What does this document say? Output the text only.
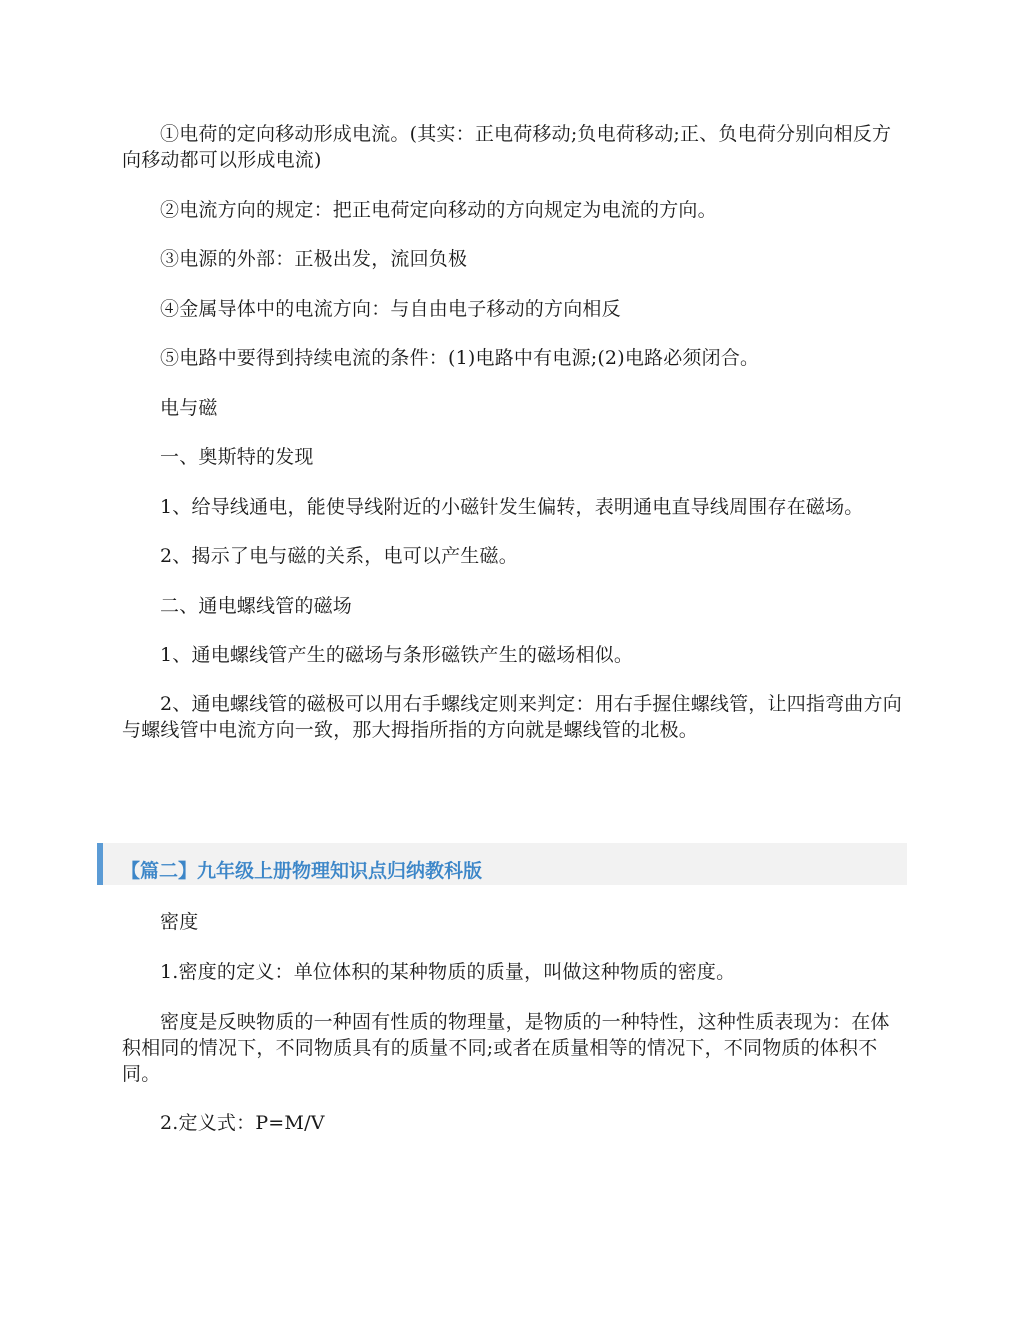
①电荷的定向移动形成电流。(其实：正电荷移动;负电荷移动;正、负电荷分别向相反方向移动都可以形成电流)

②电流方向的规定：把正电荷定向移动的方向规定为电流的方向。

③电源的外部：正极出发，流回负极

④金属导体中的电流方向：与自由电子移动的方向相反

⑤电路中要得到持续电流的条件：(1)电路中有电源;(2)电路必须闭合。

电与磁

一、奥斯特的发现

1、给导线通电，能使导线附近的小磁针发生偏转，表明通电直导线周围存在磁场。

2、揭示了电与磁的关系，电可以产生磁。

二、通电螺线管的磁场

1、通电螺线管产生的磁场与条形磁铁产生的磁场相似。

2、通电螺线管的磁极可以用右手螺线定则来判定：用右手握住螺线管，让四指弯曲方向与螺线管中电流方向一致，那大拇指所指的方向就是螺线管的北极。

【篇二】九年级上册物理知识点归纳教科版

密度

1.密度的定义：单位体积的某种物质的质量，叫做这种物质的密度。

密度是反映物质的一种固有性质的物理量，是物质的一种特性，这种性质表现为：在体积相同的情况下，不同物质具有的质量不同;或者在质量相等的情况下，不同物质的体积不同。

2.定义式：P=M/V
